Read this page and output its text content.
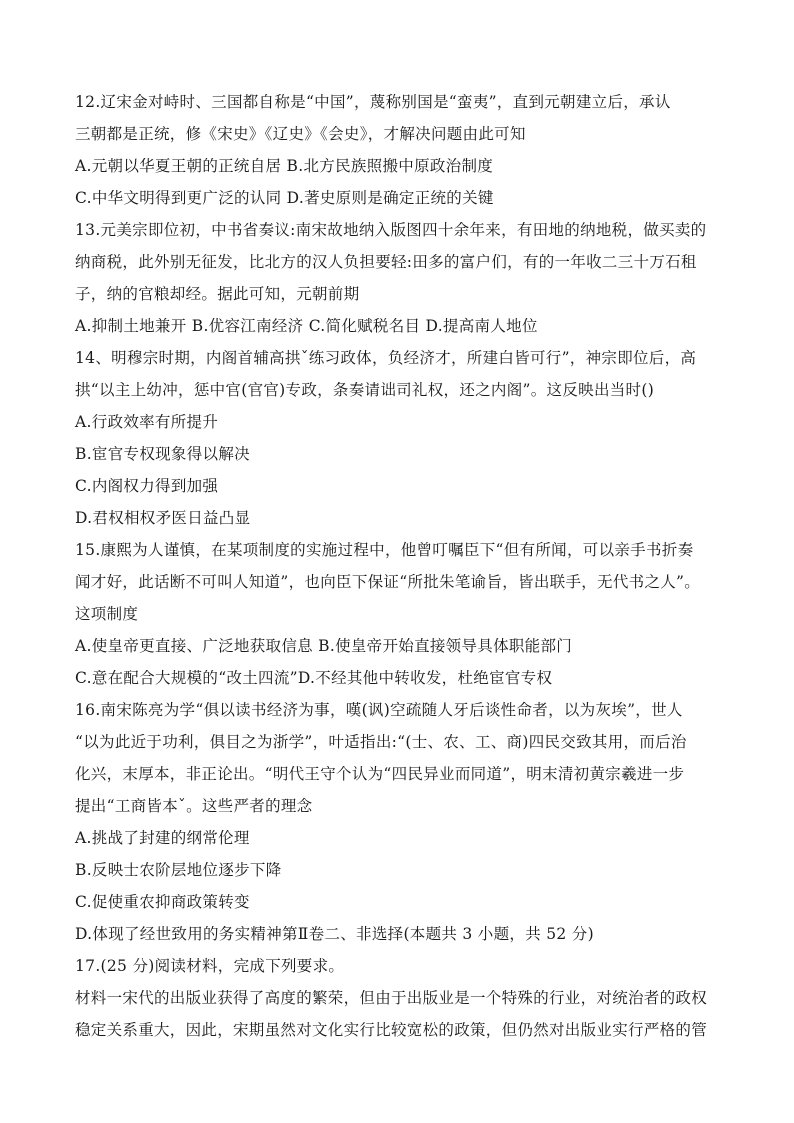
12.辽宋金对峙时、三国都自称是“中国”，蔑称别国是“蛮夷”，直到元朝建立后，承认
三朝都是正统，修《宋史》《辽史》《会史》，才解决问题由此可知
A.元朝以华夏王朝的正统自居 B.北方民族照搬中原政治制度
C.中华文明得到更广泛的认同 D.著史原则是确定正统的关键
13.元美宗即位初，中书省奏议:南宋故地纳入版图四十余年来，有田地的纳地税，做买卖的
纳商税，此外别无征发，比北方的汉人负担要轻:田多的富户们，有的一年收二三十万石租
子，纳的官粮却经。据此可知，元朝前期
A.抑制土地兼开 B.优容江南经济 C.简化赋税名目 D.提高南人地位
14、明穆宗时期，内阁首辅高拱ˇ练习政体，负经济才，所建白皆可行”，神宗即位后，高
拱“以主上幼冲，惩中官(官官)专政，条奏请诎司礼权，还之内阁”。这反映出当时()
A.行政效率有所提升
B.宦官专权现象得以解决
C.内阁权力得到加强
D.君权相权矛医日益凸显
15.康熙为人谨慎，在某项制度的实施过程中，他曾叮嘱臣下“但有所闻，可以亲手书折奏
闻才好，此话断不可叫人知道”，也向臣下保证“所批朱笔谕旨，皆出联手，无代书之人”。
这项制度
A.使皇帝更直接、广泛地获取信息 B.使皇帝开始直接领导具体职能部门
C.意在配合大规模的“改土四流”D.不经其他中转收发，杜绝宦官专权
16.南宋陈亮为学“俱以读书经济为事，嘆(讽)空疏随人牙后谈性命者，以为灰埃”，世人
“以为此近于功利，俱目之为浙学”，叶适指出:“(士、农、工、商)四民交致其用，而后治
化兴，末厚本，非正论出。“明代王守个认为“四民异业而同道”，明末清初黄宗羲进一步
提出“工商皆本ˇ。这些严者的理念
A.挑战了封建的纲常伦理
B.反映士农阶层地位逐步下降
C.促使重农抑商政策转变
D.体现了经世致用的务实精神第Ⅱ卷二、非选择(本题共 3 小题，共 52 分)
17.(25 分)阅读材料，完成下列要求。
材料一宋代的出版业获得了高度的繁荣，但由于出版业是一个特殊的行业，对统治者的政权
稳定关系重大，因此，宋期虽然对文化实行比较宽松的政策，但仍然对出版业实行严格的管
